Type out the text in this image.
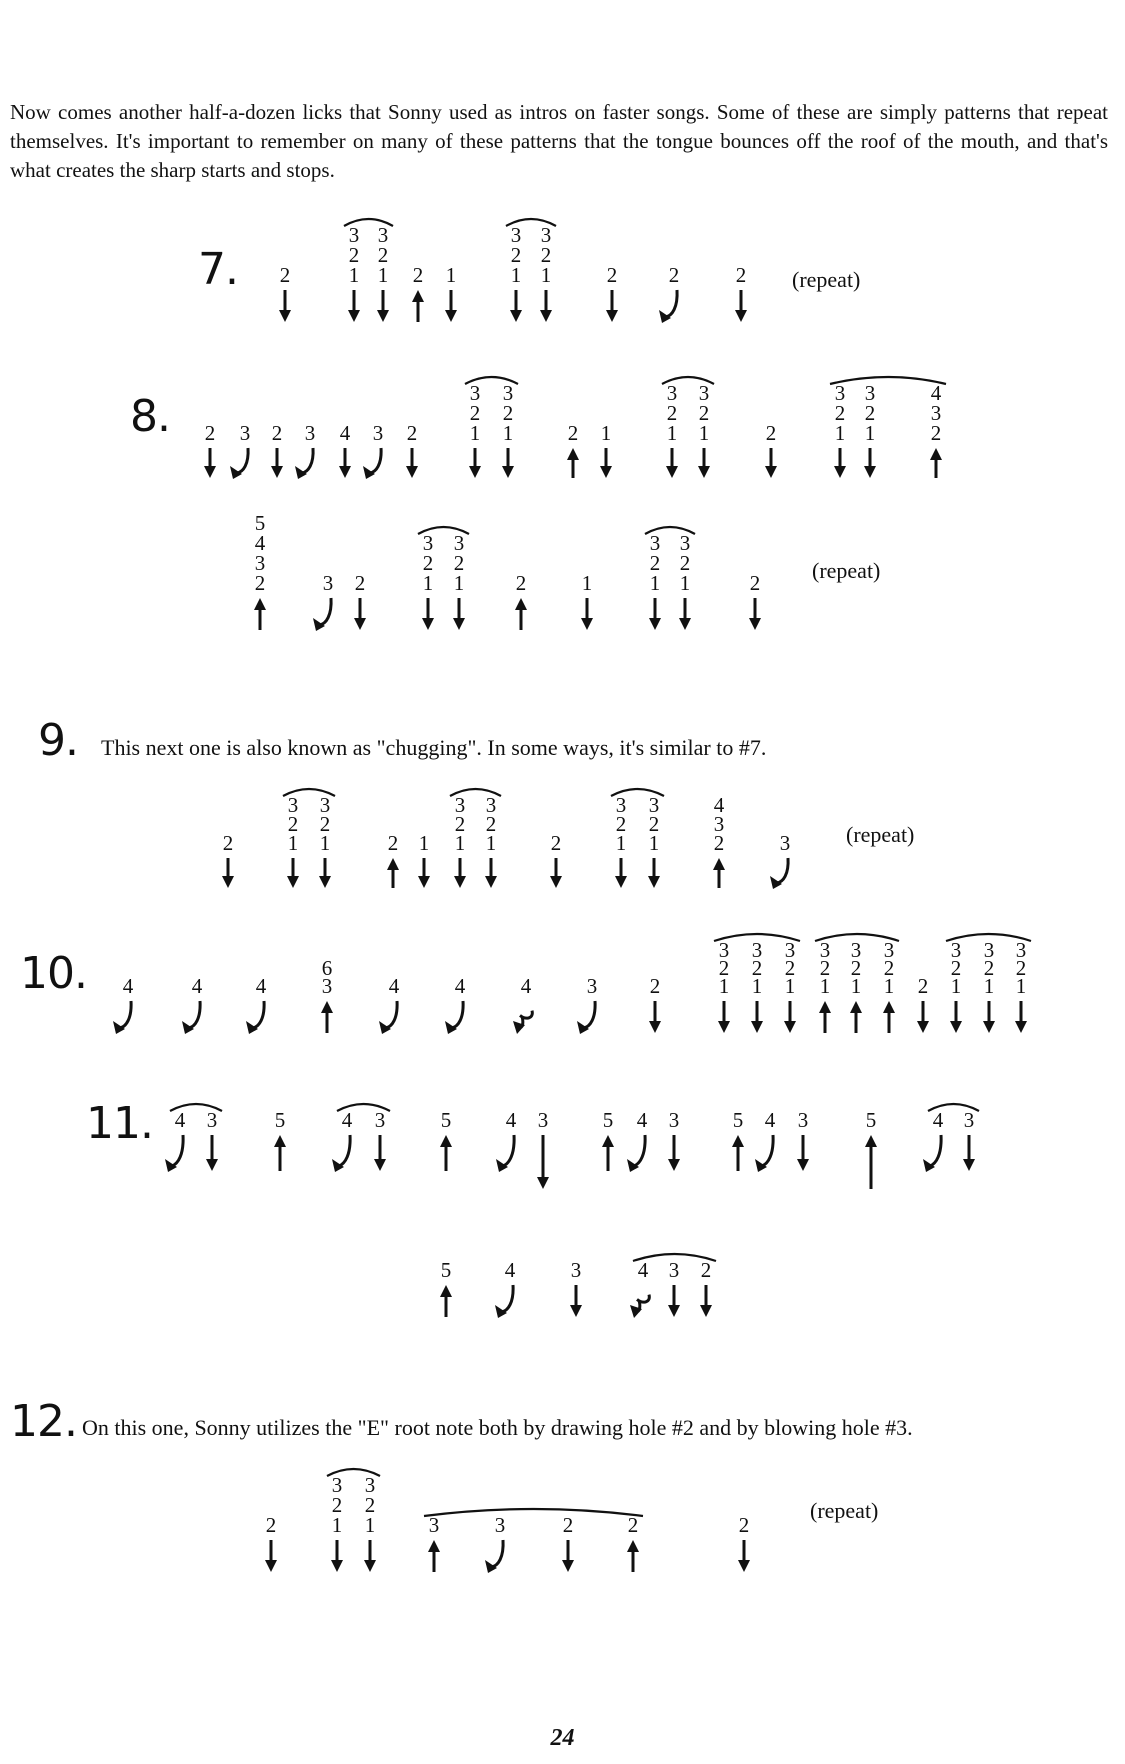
Now comes another half-a-dozen licks that Sonny used as intros on faster songs. Some of these are simply patterns that repeat themselves. It's important to remember on many of these patterns that the tongue bounces off the roof of the mouth, and that's what creates the sharp starts and stops.

7. 2
3
2
1
3
2
1 2 1
3
2
1
3
2
1	2 2	2 (repeat)
8. 2 3 2 3 4 3 2
3
2
1
3
2
1	2 1
3
2
1
3
2
1	2
3
2
1
3
2
1
4
3
2
5
4
3
2	3 2
3
2
1
3
2
1 2	1
3
2
1
3
2
1	2 (repeat)
9. This next one is also known as "chugging". In some ways, it's similar to #7.
2
3
2
1
3
2
1	2 1
3
2
1
3
2
1	2
3
2
1
3
2
1
4
3
2	3	(repeat)
10. 4	4	4
6
3	4	4	4	3	2
3
2
1
3
2
1
3
2
1
3
2
1
3
2
1
3
2
1 2
3
2
1
3
2
1
3
2
1
11. 4 3	5	4 3	5	4 3	5 4 3	5 4 3	5	4 3
5	4	3	4 3 2
12. On this one, Sonny utilizes the "E" root note both by drawing hole #2 and by blowing hole #3.
2
3
2
1
3
2
1	3	3	2	2	2
(repeat)
24
